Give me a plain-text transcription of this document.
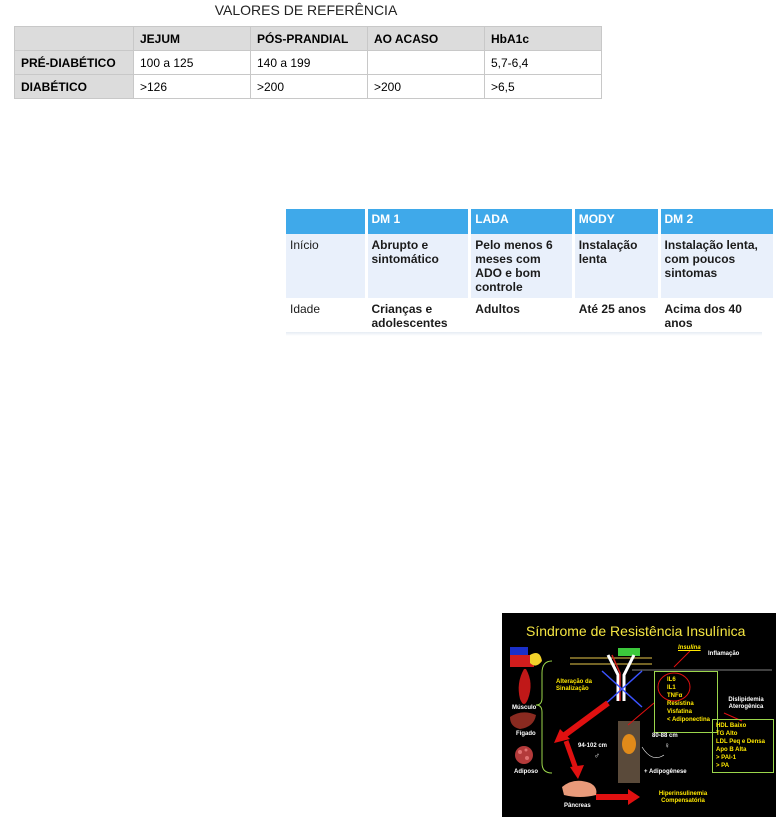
VALORES DE REFERÊNCIA
	JEJUM	PÓS-PRANDIAL	AO ACASO	HbA1c
PRÉ-DIABÉTICO	100 a 125	140 a 199		5,7-6,4
DIABÉTICO	>126	>200	>200	>6,5
	DM 1	LADA	MODY	DM 2
Início	Abrupto e sintomático	Pelo menos 6 meses com ADO e bom controle	Instalação lenta	Instalação lenta, com poucos sintomas
Idade	Crianças e adolescentes	Adultos	Até 25 anos	Acima dos 40 anos
Síndrome de Resistência Insulínica
Insulina
Inflamação
Alteração da Sinalização
Músculo
Fígado
Adiposo
Pâncreas
IL6
IL1
TNFα
Resistina
Visfatina
< Adiponectina
Dislipidemia Aterogênica
HDL Baixo
TG Alto
LDL Peq e Densa
Apo B Alta
> PAI-1
> PA
94-102 cm
♂
80-88 cm
♀
+ Adipogênese
Hiperinsulinemia Compensatória
